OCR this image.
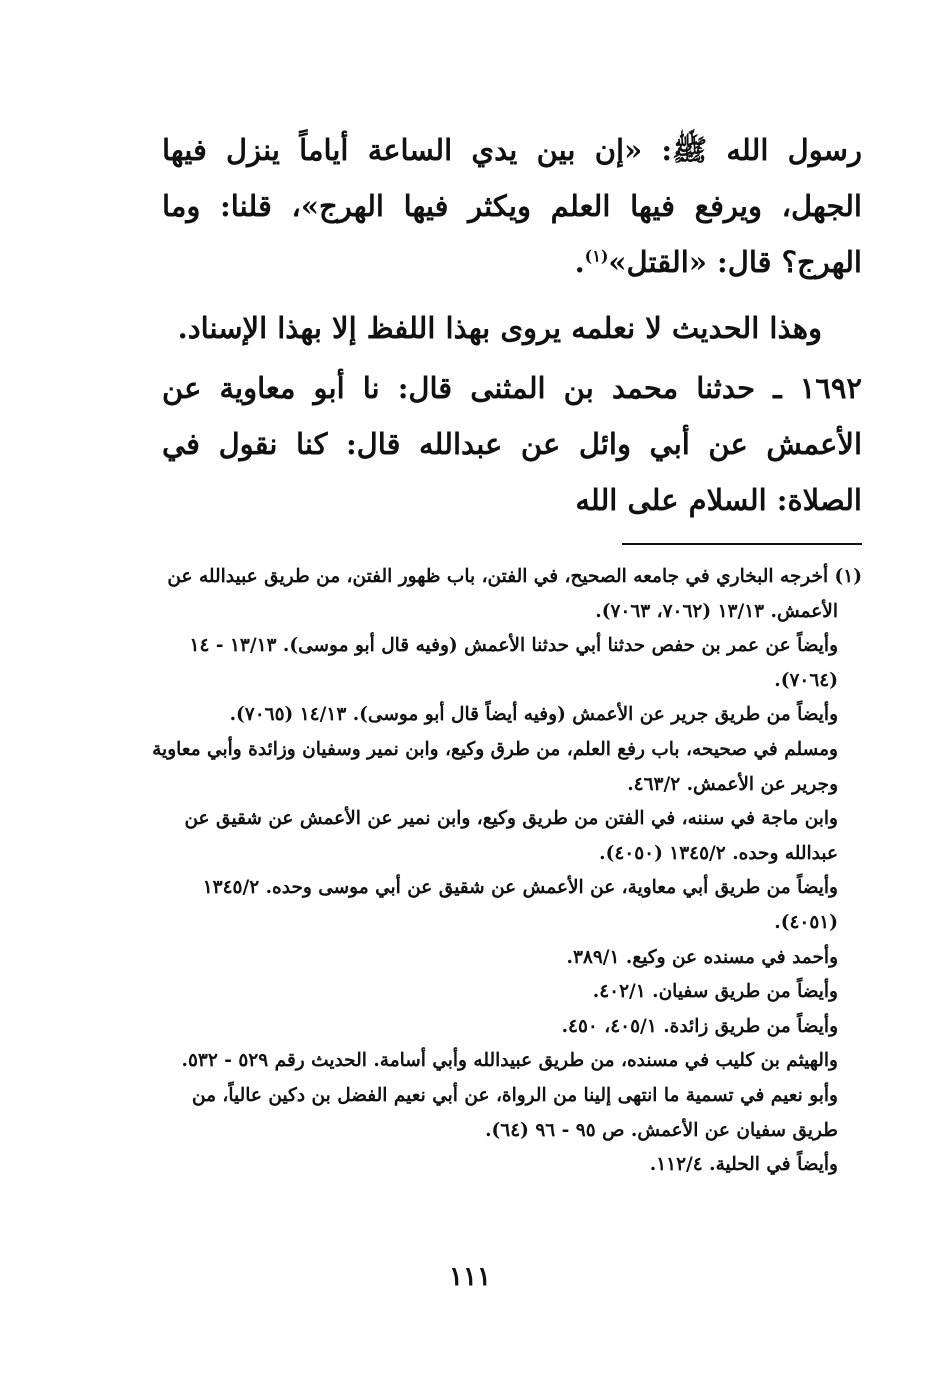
رسول الله ﷺ: «إن بين يدي الساعة أياماً ينزل فيها الجهل، ويرفع فيها العلم ويكثر فيها الهرج»، قلنا: وما الهرج؟ قال: «القتل»$^{(١)}$.

وهذا الحديث لا نعلمه يروى بهذا اللفظ إلا بهذا الإسناد.

١٦٩٢ ـ حدثنا محمد بن المثنى قال: نا أبو معاوية عن الأعمش عن أبي وائل عن عبدالله قال: كنا نقول في الصلاة: السلام على الله

(١) أخرجه البخاري في جامعه الصحيح، في الفتن، باب ظهور الفتن، من طريق عبيدالله عن الأعمش. ١٣/١٣ (٧٠٦٢، ٧٠٦٣).

وأيضاً عن عمر بن حفص حدثنا أبي حدثنا الأعمش (وفيه قال أبو موسى). ١٣/١٣ - ١٤ (٧٠٦٤).

وأيضاً من طريق جرير عن الأعمش (وفيه أيضاً قال أبو موسى). ١٤/١٣ (٧٠٦٥).

ومسلم في صحيحه، باب رفع العلم، من طرق وكيع، وابن نمير وسفيان وزائدة وأبي معاوية وجرير عن الأعمش. ٤٦٣/٢.

وابن ماجة في سننه، في الفتن من طريق وكيع، وابن نمير عن الأعمش عن شقيق عن عبدالله وحده. ١٣٤٥/٢ (٤٠٥٠).

وأيضاً من طريق أبي معاوية، عن الأعمش عن شقيق عن أبي موسى وحده. ١٣٤٥/٢ (٤٠٥١).

وأحمد في مسنده عن وكيع. ٣٨٩/١.

وأيضاً من طريق سفيان. ٤٠٢/١.

وأيضاً من طريق زائدة. ٤٠٥/١، ٤٥٠.

والهيثم بن كليب في مسنده، من طريق عبيدالله وأبي أسامة. الحديث رقم ٥٢٩ - ٥٣٢.

وأبو نعيم في تسمية ما انتهى إلينا من الرواة، عن أبي نعيم الفضل بن دكين عالياً، من طريق سفيان عن الأعمش. ص ٩٥ - ٩٦ (٦٤).

وأيضاً في الحلية. ١١٢/٤.

١١١
